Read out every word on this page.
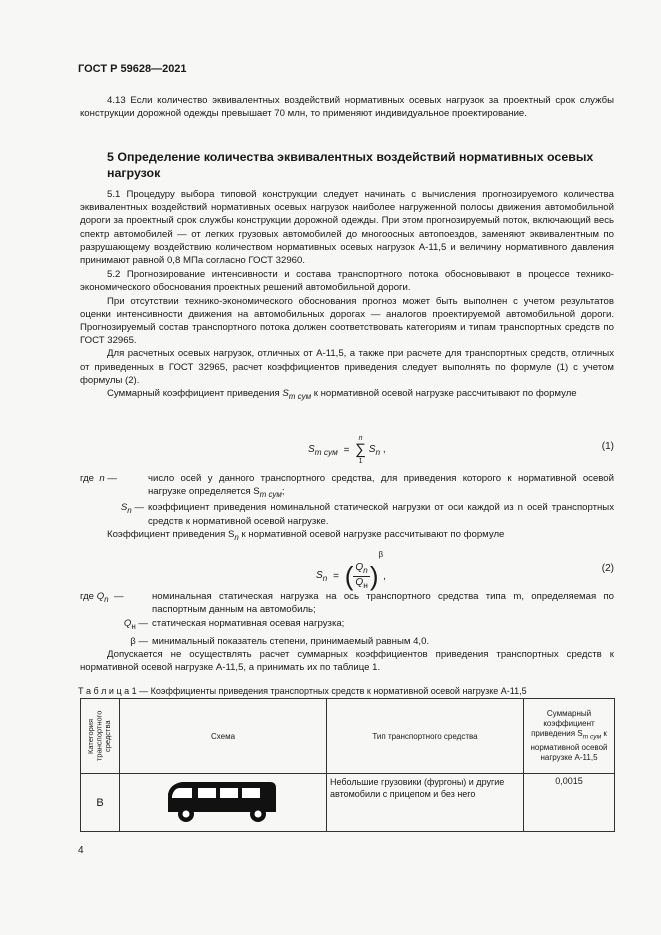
ГОСТ Р 59628—2021

4.13 Если количество эквивалентных воздействий нормативных осевых нагрузок за проектный срок службы конструкции дорожной одежды превышает 70 млн, то применяют индивидуальное проектирование.

5 Определение количества эквивалентных воздействий нормативных осевых нагрузок

5.1 Процедуру выбора типовой конструкции следует начинать с вычисления прогнозируемого количества эквивалентных воздействий нормативных осевых нагрузок наиболее нагруженной полосы движения автомобильной дороги за проектный срок службы конструкции дорожной одежды. При этом прогнозируемый поток, включающий весь спектр автомобилей — от легких грузовых автомобилей до многоосных автопоездов, заменяют эквивалентным по разрушающему воздействию количеством нормативных осевых нагрузок А-11,5 и величину нормативного давления принимают равной 0,8 МПа согласно ГОСТ 32960.

5.2 Прогнозирование интенсивности и состава транспортного потока обосновывают в процессе технико-экономического обоснования проектных решений автомобильной дороги.

При отсутствии технико-экономического обоснования прогноз может быть выполнен с учетом результатов оценки интенсивности движения на автомобильных дорогах — аналогов проектируемой автомобильной дороги. Прогнозируемый состав транспортного потока должен соответствовать категориям и типам транспортных средств по ГОСТ 32965.

Для расчетных осевых нагрузок, отличных от А-11,5, а также при расчете для транспортных средств, отличных от приведенных в ГОСТ 32965, расчет коэффициентов приведения следует выполнять по формуле (1) с учетом формулы (2).

Суммарный коэффициент приведения $S_{m сум}$ к нормативной осевой нагрузке рассчитывают по формуле

$S_{m сум}$ =
n
∑
1
$S_n$ ,	(1)
где n —	число осей у данного транспортного средства, для приведения которого к нормативной осевой нагрузке определяется $S_{m сум}$;
$S_n$ — коэффициент приведения номинальной статической нагрузки от оси каждой из n осей транспортных средств к нормативной осевой нагрузке.

Коэффициент приведения $S_n$ к нормативной осевой нагрузке рассчитывают по формуле

$S_n$ = ( $Q_n$
$Q_н$ )$^\beta$,
(2)
где $Q_n$  —	номинальная статическая нагрузка на ось транспортного средства типа m, определяемая по паспортным данным на автомобиль;
$Q_н$ — статическая нормативная осевая нагрузка;
β — минимальный показатель степени, принимаемый равным 4,0.

Допускается не осуществлять расчет суммарных коэффициентов приведения транспортных средств к нормативной осевой нагрузке А-11,5, а принимать их по таблице 1.

Т а б л и ц а 1 — Коэффициенты приведения транспортных средств к нормативной осевой нагрузке А-11,5
Категория транспортного средства	Схема	Тип транспортного средства	Суммарный коэффициент приведения $S_{m сум}$ к нормативной осевой нагрузке А-11,5
B		Небольшие грузовики (фургоны) и другие автомобили с прицепом и без него	0,0015
4
